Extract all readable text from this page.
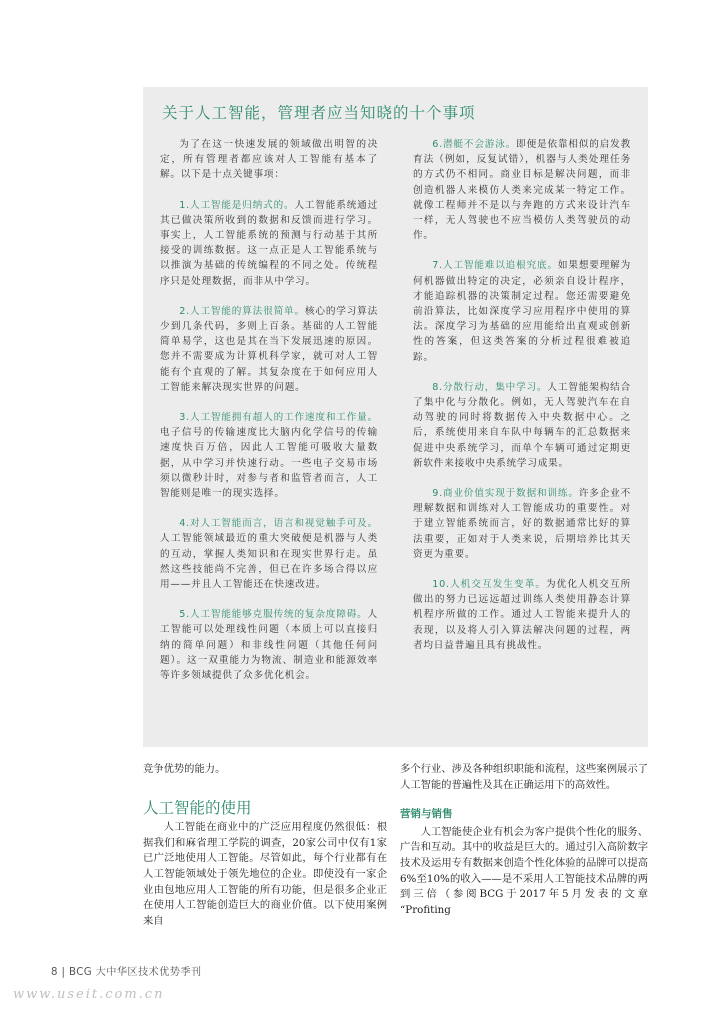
关于人工智能，管理者应当知晓的十个事项

为了在这一快速发展的领域做出明智的决定，所有管理者都应该对人工智能有基本了解。以下是十点关键事项：

1.人工智能是归纳式的。人工智能系统通过其已做决策所收到的数据和反馈而进行学习。事实上，人工智能系统的预测与行动基于其所接受的训练数据。这一点正是人工智能系统与以推演为基础的传统编程的不同之处。传统程序只是处理数据，而非从中学习。

2.人工智能的算法很简单。核心的学习算法少到几条代码，多则上百条。基础的人工智能简单易学，这也是其在当下发展迅速的原因。您并不需要成为计算机科学家，就可对人工智能有个直观的了解。其复杂度在于如何应用人工智能来解决现实世界的问题。

3.人工智能拥有超人的工作速度和工作量。电子信号的传输速度比大脑内化学信号的传输速度快百万倍，因此人工智能可吸收大量数据，从中学习并快速行动。一些电子交易市场须以微秒计时，对参与者和监管者而言，人工智能则是唯一的现实选择。

4.对人工智能而言，语言和视觉触手可及。人工智能领域最近的重大突破便是机器与人类的互动，掌握人类知识和在现实世界行走。虽然这些技能尚不完善，但已在许多场合得以应用——并且人工智能还在快速改进。

5.人工智能能够克服传统的复杂度障碍。人工智能可以处理线性问题（本质上可以直接归纳的简单问题）和非线性问题（其他任何问题）。这一双重能力为物流、制造业和能源效率等许多领域提供了众多优化机会。

6.潜艇不会游泳。即便是依靠相似的启发教育法（例如，反复试错），机器与人类处理任务的方式仍不相同。商业目标是解决问题，而非创造机器人来模仿人类来完成某一特定工作。就像工程师并不是以与奔跑的方式来设计汽车一样，无人驾驶也不应当模仿人类驾驶员的动作。

7.人工智能难以追根究底。如果想要理解为何机器做出特定的决定，必须亲自设计程序，才能追踪机器的决策制定过程。您还需要避免前沿算法，比如深度学习应用程序中使用的算法。深度学习为基础的应用能给出直观或创新性的答案，但这类答案的分析过程很难被追踪。

8.分散行动，集中学习。人工智能架构结合了集中化与分散化。例如，无人驾驶汽车在自动驾驶的同时将数据传入中央数据中心。之后，系统使用来自车队中每辆车的汇总数据来促进中央系统学习，而单个车辆可通过定期更新软件来接收中央系统学习成果。

9.商业价值实现于数据和训练。许多企业不理解数据和训练对人工智能成功的重要性。对于建立智能系统而言，好的数据通常比好的算法重要，正如对于人类来说，后期培养比其天资更为重要。

10.人机交互发生变革。为优化人机交互所做出的努力已远远超过训练人类使用静态计算机程序所做的工作。通过人工智能来提升人的表现，以及将人引入算法解决问题的过程，两者均日益普遍且具有挑战性。

竞争优势的能力。

人工智能的使用

人工智能在商业中的广泛应用程度仍然很低：根据我们和麻省理工学院的调查，20家公司中仅有1家已广泛地使用人工智能。尽管如此，每个行业都有在人工智能领域处于领先地位的企业。即使没有一家企业由包地应用人工智能的所有功能，但是很多企业正在使用人工智能创造巨大的商业价值。以下使用案例来自

多个行业、涉及各种组织职能和流程，这些案例展示了人工智能的普遍性及其在正确运用下的高效性。

营销与销售

人工智能使企业有机会为客户提供个性化的服务、广告和互动。其中的收益是巨大的。通过引入高阶数字技术及运用专有数据来创造个性化体验的品牌可以提高6%至10%的收入——是不采用人工智能技术品牌的两到三倍（参阅BCG于2017年5月发表的文章 “Profiting

8 | BCG 大中华区技术优势季刊
www.useit.com.cn
